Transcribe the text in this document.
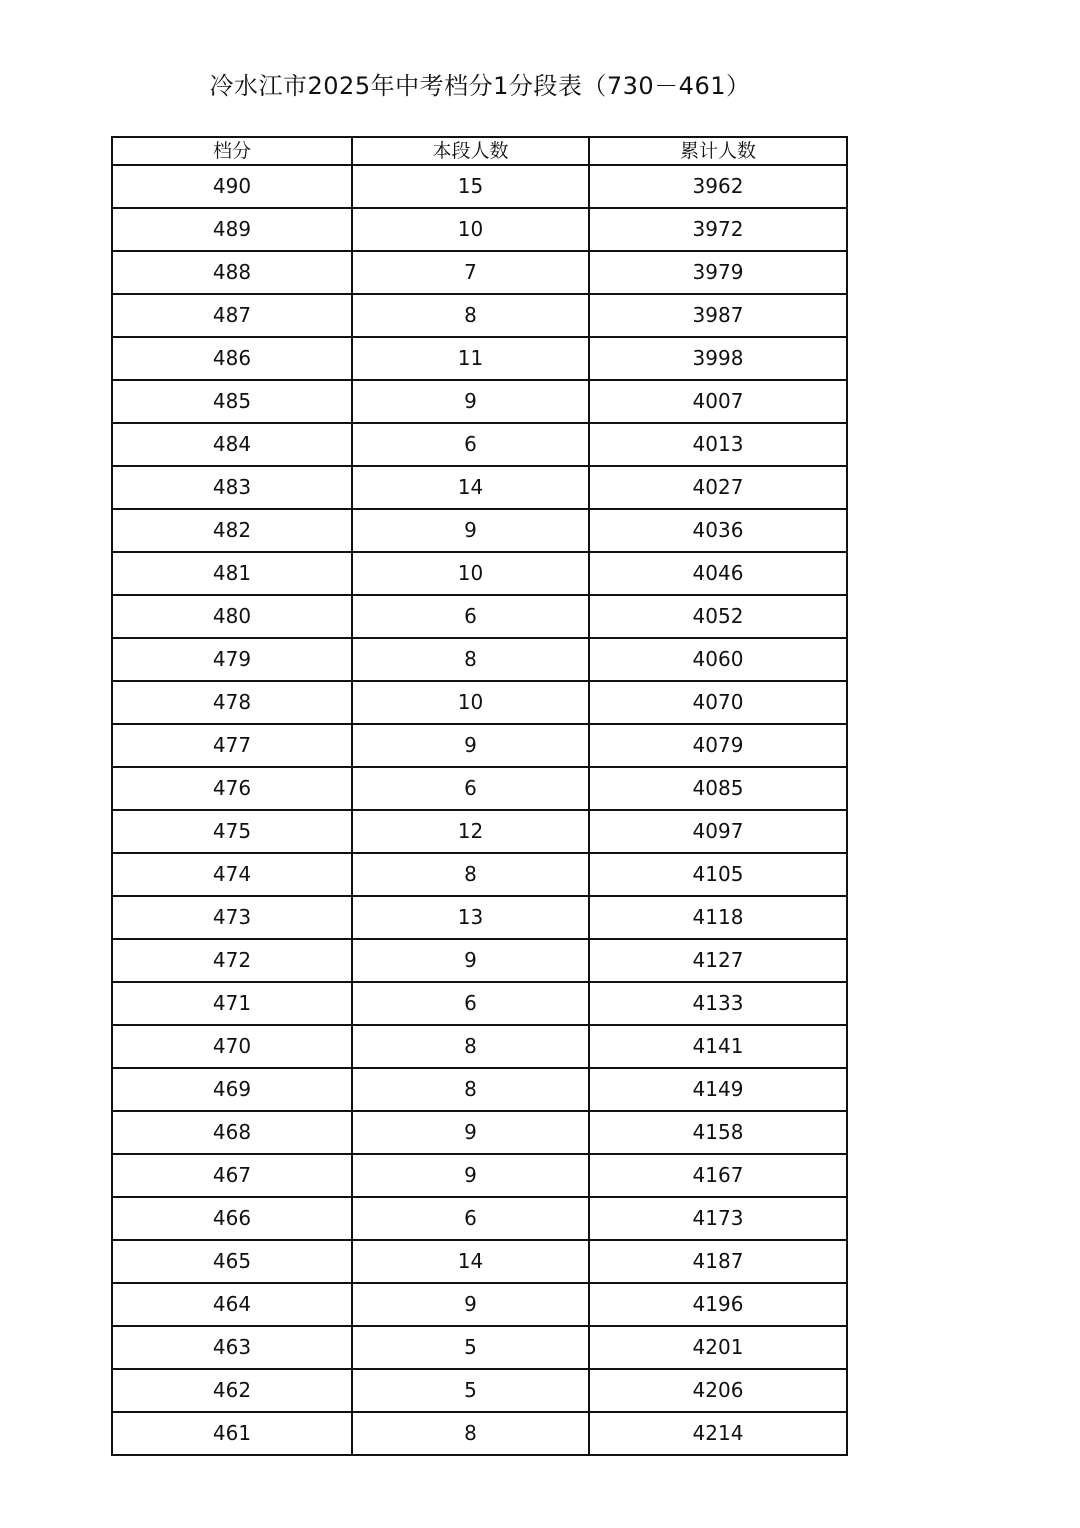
冷水江市2025年中考档分1分段表（730－461）
档分	本段人数	累计人数
490	15	3962
489	10	3972
488	7	3979
487	8	3987
486	11	3998
485	9	4007
484	6	4013
483	14	4027
482	9	4036
481	10	4046
480	6	4052
479	8	4060
478	10	4070
477	9	4079
476	6	4085
475	12	4097
474	8	4105
473	13	4118
472	9	4127
471	6	4133
470	8	4141
469	8	4149
468	9	4158
467	9	4167
466	6	4173
465	14	4187
464	9	4196
463	5	4201
462	5	4206
461	8	4214
